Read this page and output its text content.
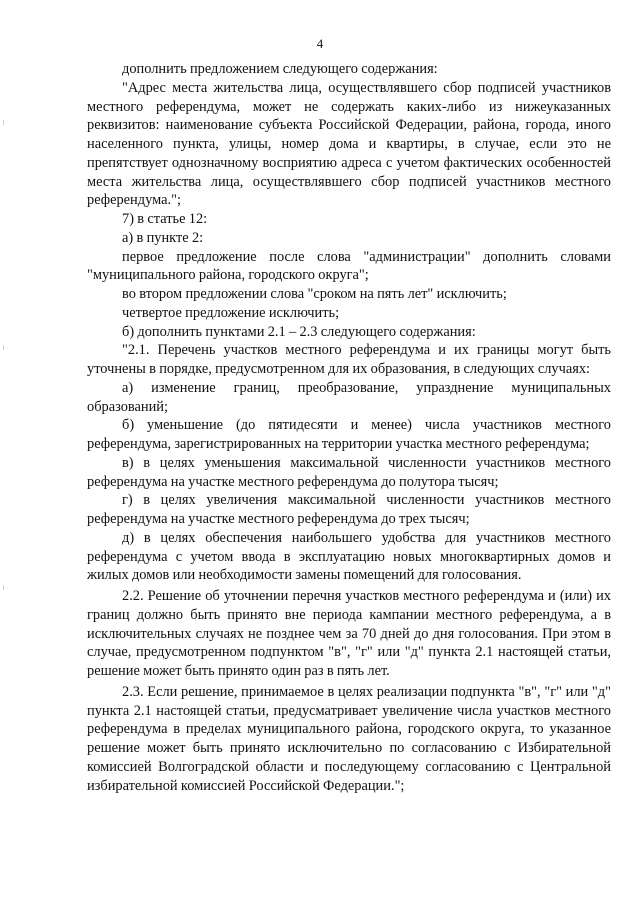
4

дополнить предложением следующего содержания:

"Адрес места жительства лица, осуществлявшего сбор подписей участников местного референдума, может не содержать каких-либо из нижеуказанных реквизитов: наименование субъекта Российской Федерации, района, города, иного населенного пункта, улицы, номер дома и квартиры, в случае, если это не препятствует однозначному восприятию адреса с учетом фактических особенностей места жительства лица, осуществлявшего сбор подписей участников местного референдума.";

7) в статье 12:

а) в пункте 2:

первое предложение после слова "администрации" дополнить словами "муниципального района, городского округа";

во втором предложении слова "сроком на пять лет" исключить;

четвертое предложение исключить;

б) дополнить пунктами 2.1 – 2.3 следующего содержания:

"2.1. Перечень участков местного референдума и их границы могут быть уточнены в порядке, предусмотренном для их образования, в следующих случаях:

а) изменение границ, преобразование, упразднение муниципальных образований;

б) уменьшение (до пятидесяти и менее) числа участников местного референдума, зарегистрированных на территории участка местного референдума;

в) в целях уменьшения максимальной численности участников местного референдума на участке местного референдума до полутора тысяч;

г) в целях увеличения максимальной численности участников местного референдума на участке местного референдума до трех тысяч;

д) в целях обеспечения наибольшего удобства для участников местного референдума с учетом ввода в эксплуатацию новых многоквартирных домов и жилых домов или необходимости замены помещений для голосования.

2.2. Решение об уточнении перечня участков местного референдума и (или) их границ должно быть принято вне периода кампании местного референдума, а в исключительных случаях не позднее чем за 70 дней до дня голосования. При этом в случае, предусмотренном подпунктом "в", "г" или "д" пункта 2.1 настоящей статьи, решение может быть принято один раз в пять лет.

2.3. Если решение, принимаемое в целях реализации подпункта "в", "г" или "д" пункта 2.1 настоящей статьи, предусматривает увеличение числа участков местного референдума в пределах муниципального района, городского округа, то указанное решение может быть принято исключительно по согласованию с Избирательной комиссией Волгоградской области и последующему согласованию с Центральной избирательной комиссией Российской Федерации.";
